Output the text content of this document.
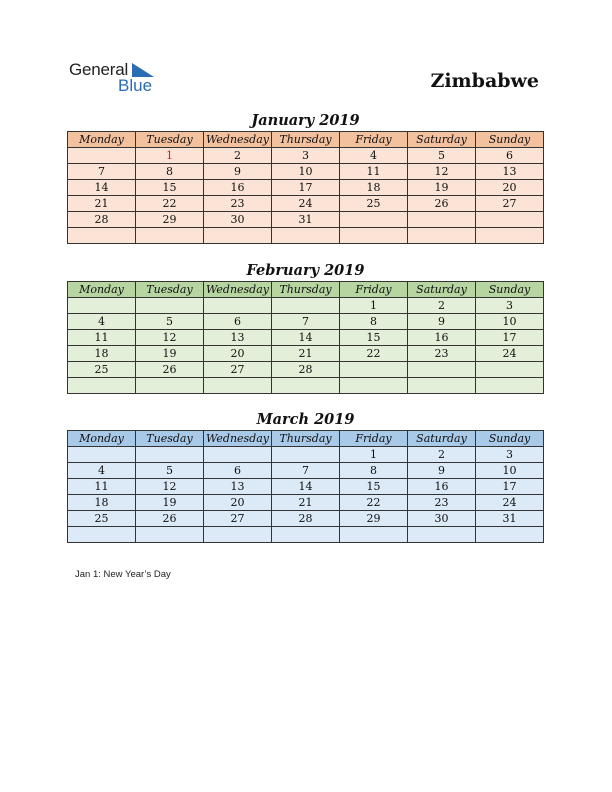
General
Blue	Zimbabwe
January 2019
Monday	Tuesday	Wednesday	Thursday	Friday	Saturday	Sunday
	1	2	3	4	5	6
7	8	9	10	11	12	13
14	15	16	17	18	19	20
21	22	23	24	25	26	27
28	29	30	31			

February 2019
Monday	Tuesday	Wednesday	Thursday	Friday	Saturday	Sunday
				1	2	3
4	5	6	7	8	9	10
11	12	13	14	15	16	17
18	19	20	21	22	23	24
25	26	27	28			

March 2019
Monday	Tuesday	Wednesday	Thursday	Friday	Saturday	Sunday
				1	2	3
4	5	6	7	8	9	10
11	12	13	14	15	16	17
18	19	20	21	22	23	24
25	26	27	28	29	30	31

Jan 1: New Year’s Day
